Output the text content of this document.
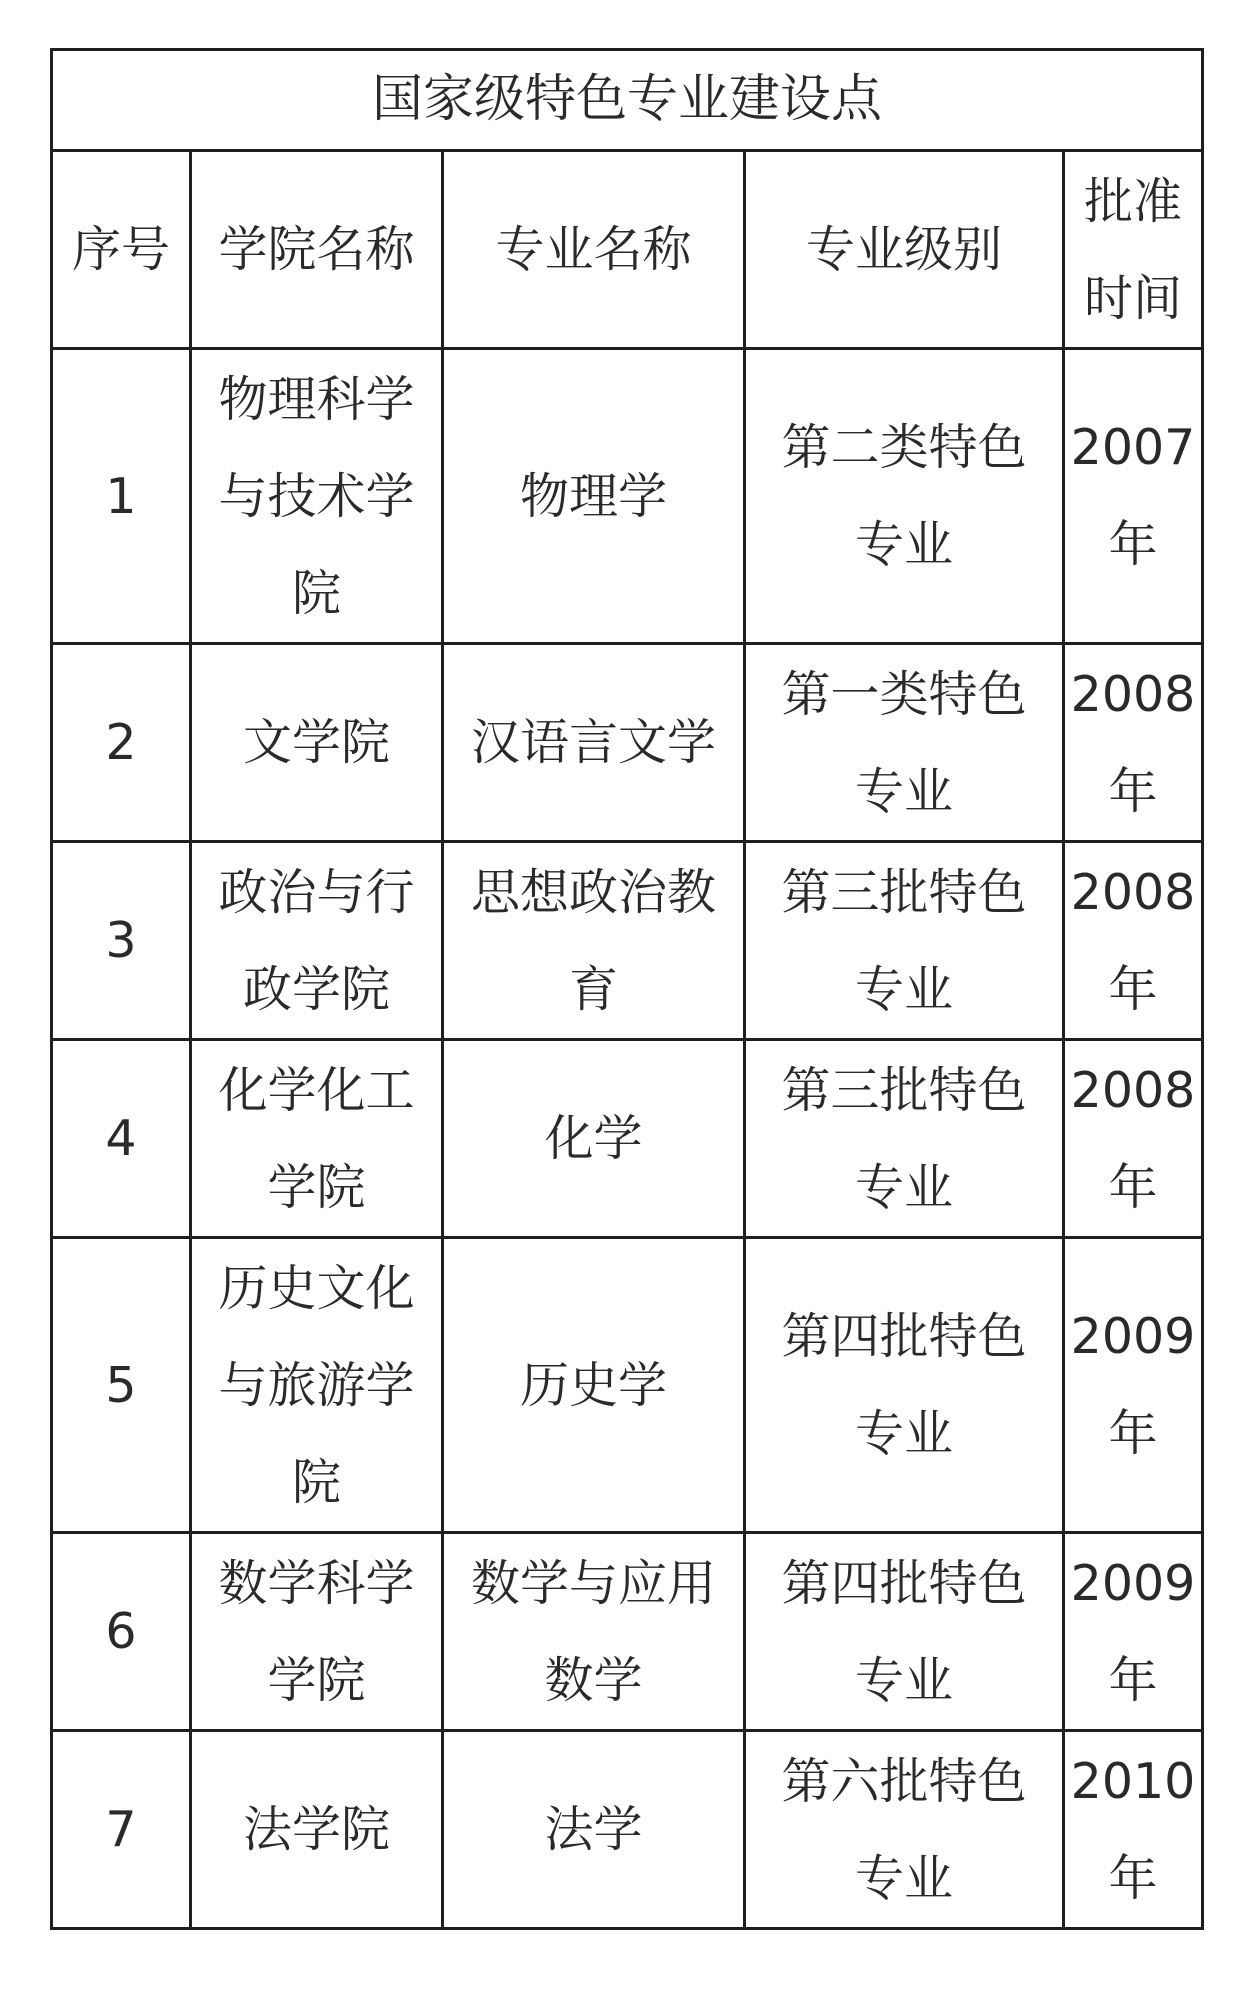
国家级特色专业建设点				
序号	学院名称	专业名称	专业级别	批准时间
1	物理科学与技术学院	物理学	第二类特色专业	2007年
2	文学院	汉语言文学	第一类特色专业	2008年
3	政治与行政学院	思想政治教育	第三批特色专业	2008年
4	化学化工学院	化学	第三批特色专业	2008年
5	历史文化与旅游学院	历史学	第四批特色专业	2009年
6	数学科学学院	数学与应用数学	第四批特色专业	2009年
7	法学院	法学	第六批特色专业	2010年
